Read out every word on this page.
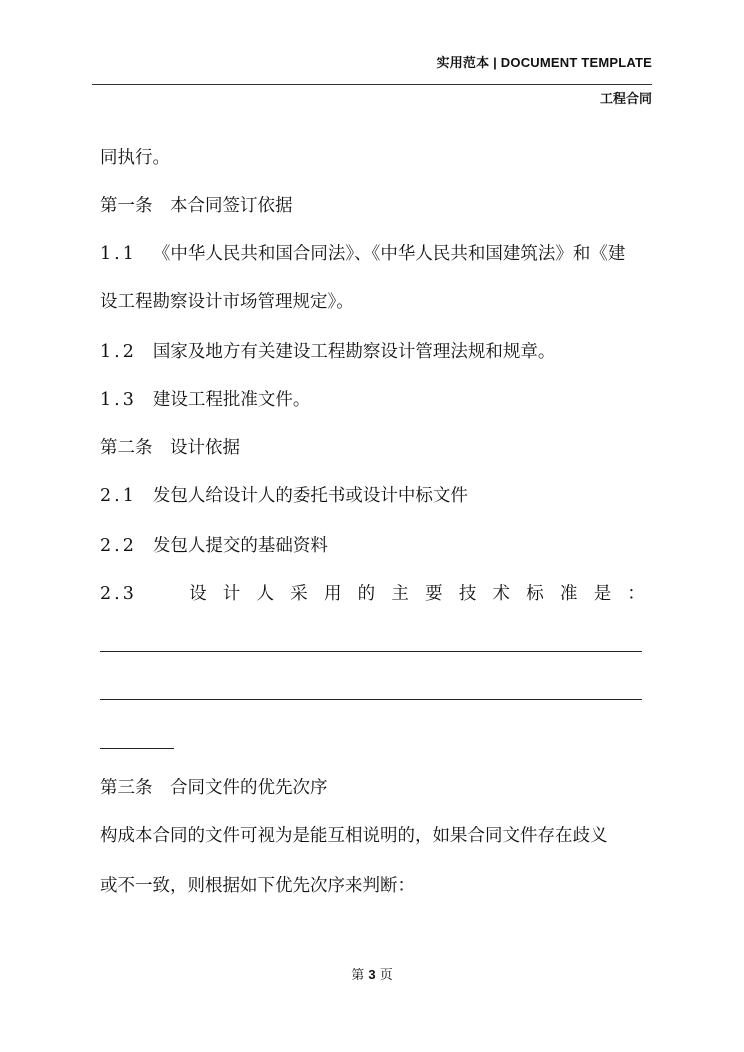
实用范本 | DOCUMENT TEMPLATE
工程合同
同执行。
第一条　本合同签订依据
1.1 《中华人民共和国合同法》、《中华人民共和国建筑法》和《建
设工程勘察设计市场管理规定》。
1.2 国家及地方有关建设工程勘察设计管理法规和规章。
1.3 建设工程批准文件。
第二条　设计依据
2.1 发包人给设计人的委托书或设计中标文件
2.2 发包人提交的基础资料
2.3	设 计 人 采 用 的 主 要 技 术 标 准 是 ：
第三条　合同文件的优先次序
构成本合同的文件可视为是能互相说明的，如果合同文件存在歧义
或不一致，则根据如下优先次序来判断：
第 3 页
